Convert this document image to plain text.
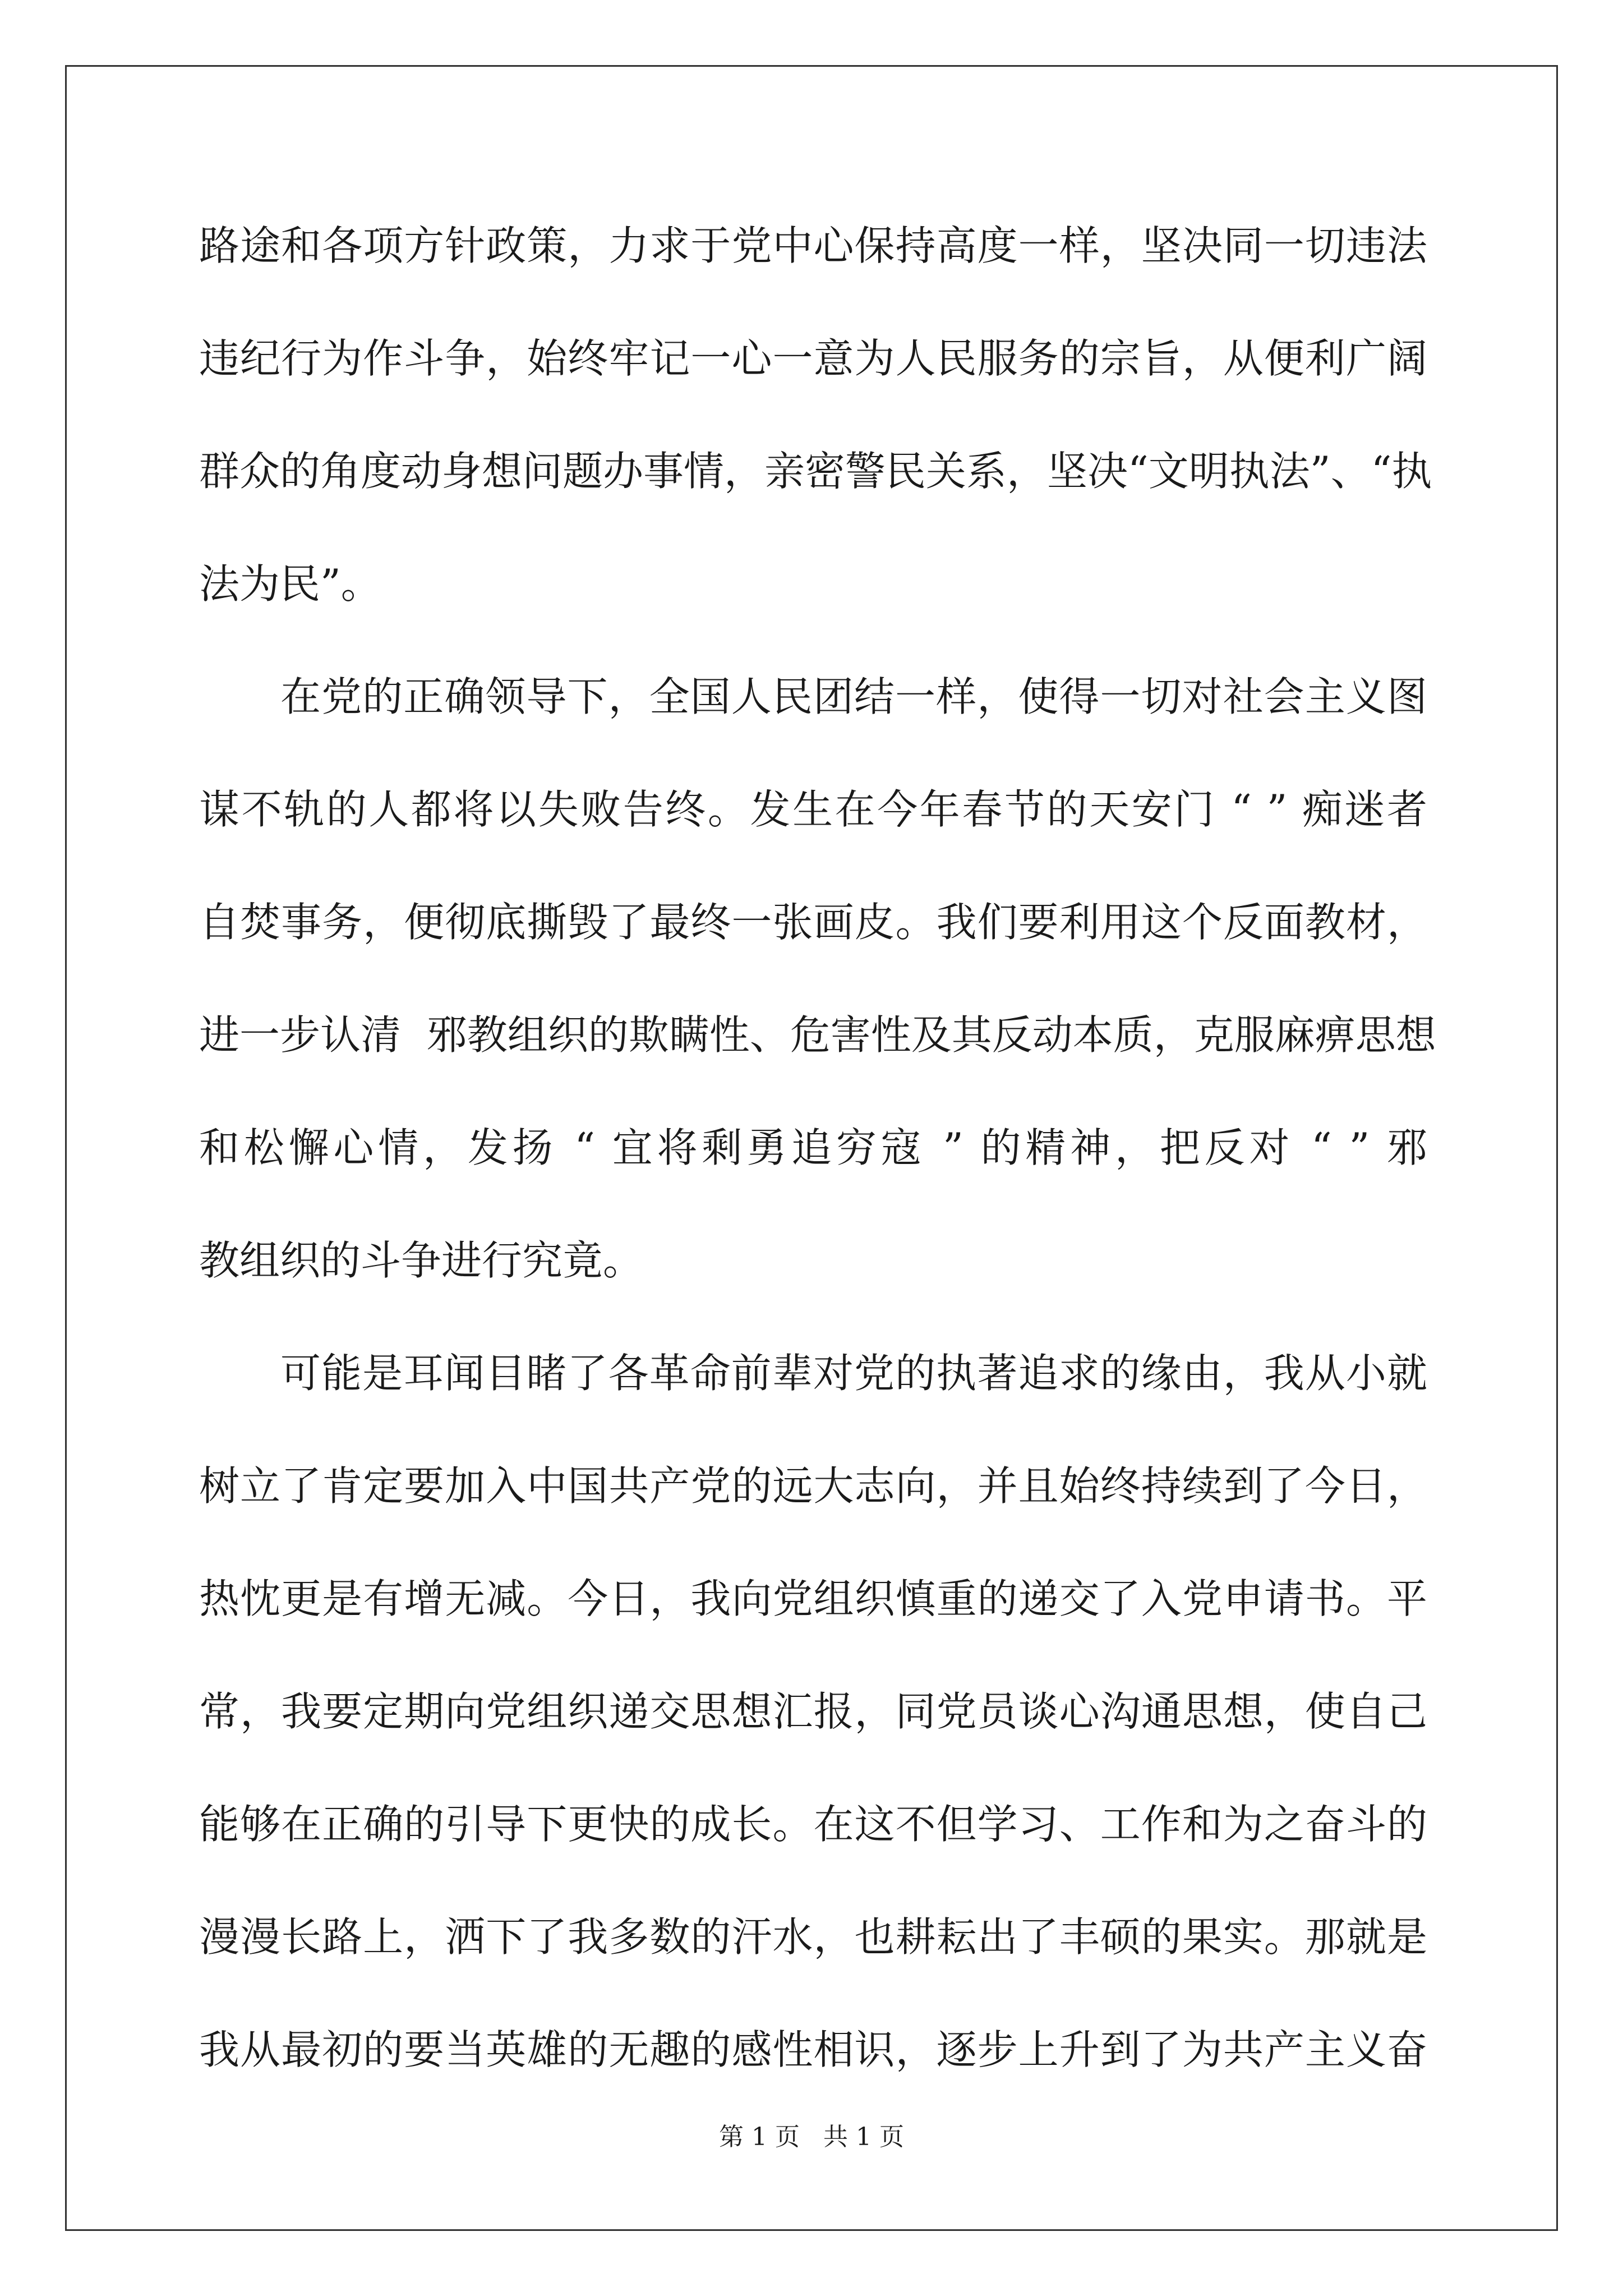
路途和各项方针政策，力求于党中心保持高度一样，坚决同一切违法
违纪行为作斗争，始终牢记一心一意为人民服务的宗旨，从便利广阔
群众的角度动身想问题办事情，亲密警民关系，坚决“文明执法”、“执
法为民”。
在党的正确领导下，全国人民团结一样，使得一切对社会主义图
谋不轨的人都将以失败告终。发生在今年春节的天安门 “ ” 痴迷者
自焚事务，便彻底撕毁了最终一张画皮。我们要利用这个反面教材，
进一步认清  邪教组织的欺瞒性、危害性及其反动本质，克服麻痹思想
和松懈心情，发扬 “ 宜将剩勇追穷寇 ” 的精神，把反对 “ ” 邪
教组织的斗争进行究竟。
可能是耳闻目睹了各革命前辈对党的执著追求的缘由，我从小就
树立了肯定要加入中国共产党的远大志向，并且始终持续到了今日，
热忱更是有增无减。今日，我向党组织慎重的递交了入党申请书。平
常，我要定期向党组织递交思想汇报，同党员谈心沟通思想，使自己
能够在正确的引导下更快的成长。在这不但学习、工作和为之奋斗的
漫漫长路上，洒下了我多数的汗水，也耕耘出了丰硕的果实。那就是
我从最初的要当英雄的无趣的感性相识，逐步上升到了为共产主义奋
第 1 页   共 1 页
